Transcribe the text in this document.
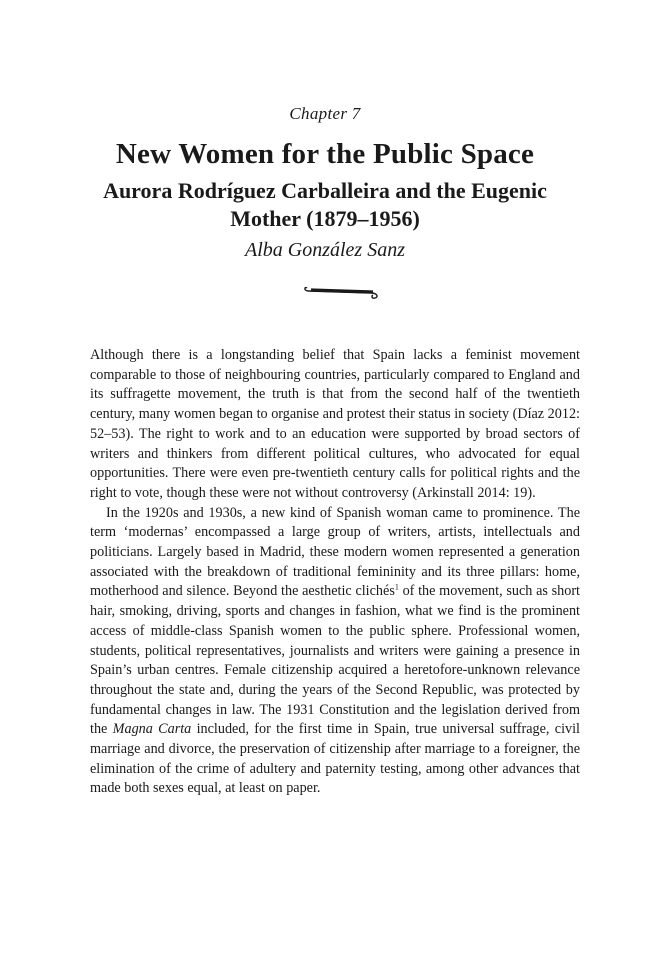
Chapter 7
New Women for the Public Space
Aurora Rodríguez Carballeira and the Eugenic
Mother (1879–1956)
Alba González Sanz

Although there is a longstanding belief that Spain lacks a feminist movement comparable to those of neighbouring countries, particularly compared to England and its suffragette movement, the truth is that from the second half of the twentieth century, many women began to organise and protest their status in society (Díaz 2012: 52–53). The right to work and to an education were supported by broad sectors of writers and thinkers from different political cultures, who advocated for equal opportunities. There were even pre-twentieth century calls for political rights and the right to vote, though these were not without controversy (Arkinstall 2014: 19).

In the 1920s and 1930s, a new kind of Spanish woman came to prominence. The term ‘modernas’ encompassed a large group of writers, artists, intellectuals and politicians. Largely based in Madrid, these modern women represented a generation associated with the breakdown of traditional femininity and its three pillars: home, motherhood and silence. Beyond the aesthetic clichés$^1$ of the movement, such as short hair, smoking, driving, sports and changes in fashion, what we find is the prominent access of middle-class Spanish women to the public sphere. Professional women, students, political representatives, journalists and writers were gaining a presence in Spain’s urban centres. Female citizenship acquired a heretofore-unknown relevance throughout the state and, during the years of the Second Republic, was protected by fundamental changes in law. The 1931 Constitution and the legislation derived from the Magna Carta included, for the first time in Spain, true universal suffrage, civil marriage and divorce, the preservation of citizenship after marriage to a foreigner, the elimination of the crime of adultery and paternity testing, among other advances that made both sexes equal, at least on paper.
